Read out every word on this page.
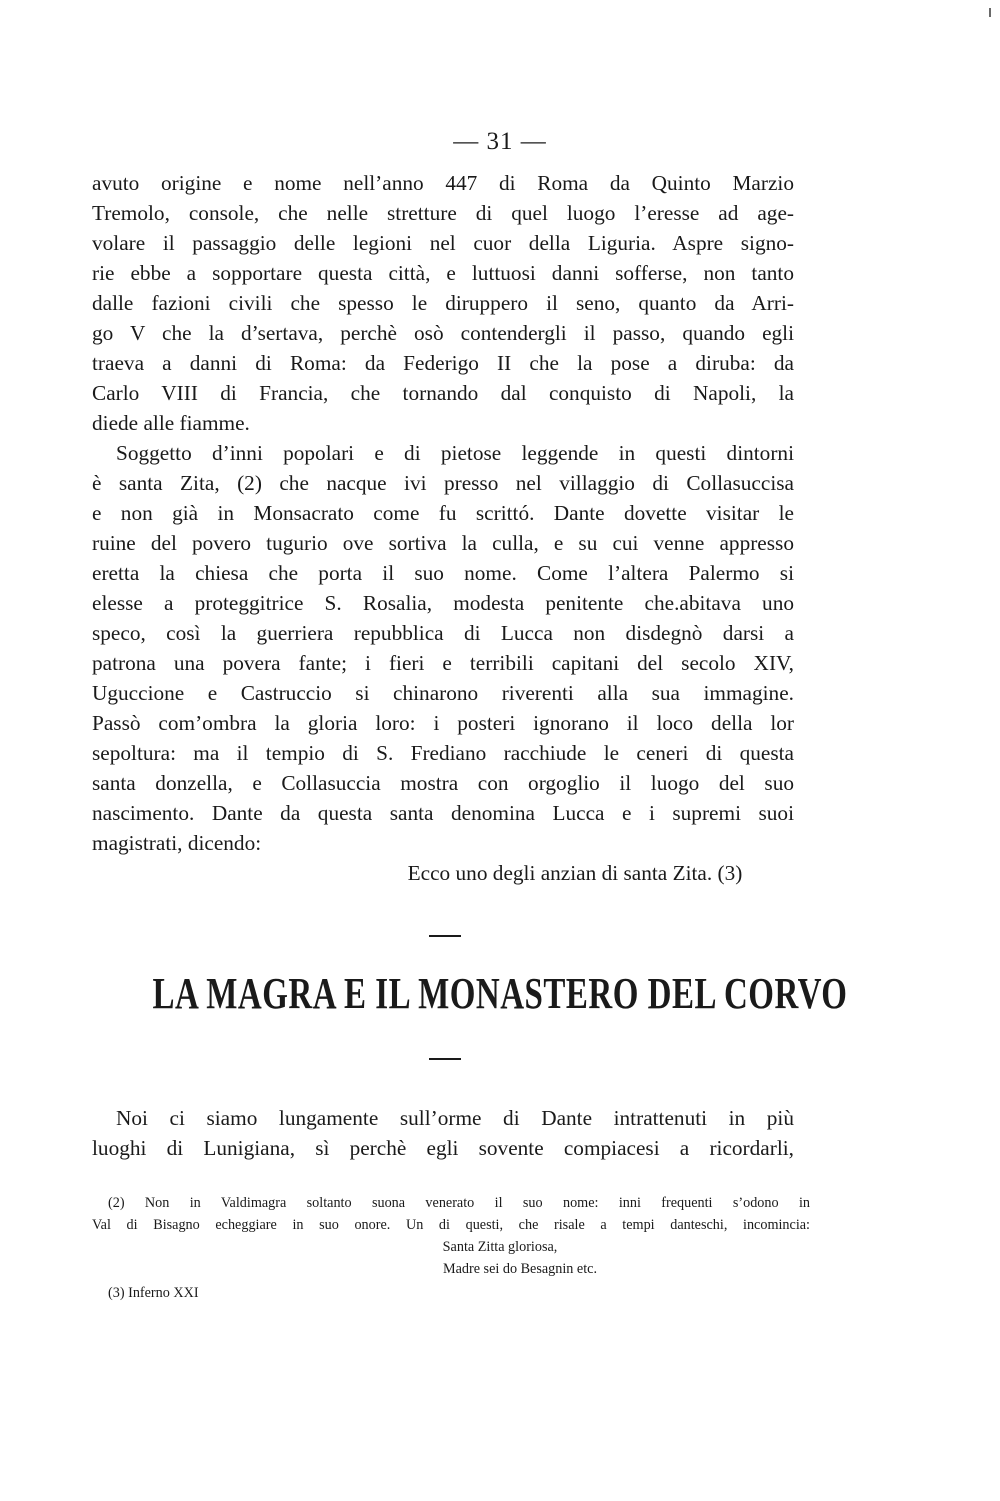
— 31 —
avuto origine e nome nell’anno 447 di Roma da Quinto Marzio
Tremolo, console, che nelle stretture di quel luogo l’eresse ad age-
volare il passaggio delle legioni nel cuor della Liguria. Aspre signo-
rie ebbe a sopportare questa città, e luttuosi danni sofferse, non tanto
dalle fazioni civili che spesso le diruppero il seno, quanto da Arri-
go V che la d’sertava, perchè osò contendergli il passo, quando egli
traeva a danni di Roma: da Federigo II che la pose a diruba: da
Carlo VIII di Francia, che tornando dal conquisto di Napoli, la
diede alle fiamme.
Soggetto d’inni popolari e di pietose leggende in questi dintorni
è santa Zita, (2) che nacque ivi presso nel villaggio di Collasuccisa
e non già in Monsacrato come fu scrittó. Dante dovette visitar le
ruine del povero tugurio ove sortiva la culla, e su cui venne appresso
eretta la chiesa che porta il suo nome. Come l’altera Palermo si
elesse a proteggitrice S. Rosalia, modesta penitente che.abitava uno
speco, così la guerriera repubblica di Lucca non disdegnò darsi a
patrona una povera fante; i fieri e terribili capitani del secolo XIV,
Uguccione e Castruccio si chinarono riverenti alla sua immagine.
Passò com’ombra la gloria loro: i posteri ignorano il loco della lor
sepoltura: ma il tempio di S. Frediano racchiude le ceneri di questa
santa donzella, e Collasuccia mostra con orgoglio il luogo del suo
nascimento. Dante da questa santa denomina Lucca e i supremi suoi
magistrati, dicendo:
Ecco uno degli anzian di santa Zita. (3)
LA MAGRA E IL MONASTERO DEL CORVO
Noi ci siamo lungamente sull’orme di Dante intrattenuti in più
luoghi di Lunigiana, sì perchè egli sovente compiacesi a ricordarli,
(2) Non in Valdimagra soltanto suona venerato il suo nome: inni frequenti s’odono in
Val di Bisagno echeggiare in suo onore. Un di questi, che risale a tempi danteschi, incomincia:
Santa Zitta gloriosa,
Madre sei do Besagnin etc.
(3) Inferno XXI
